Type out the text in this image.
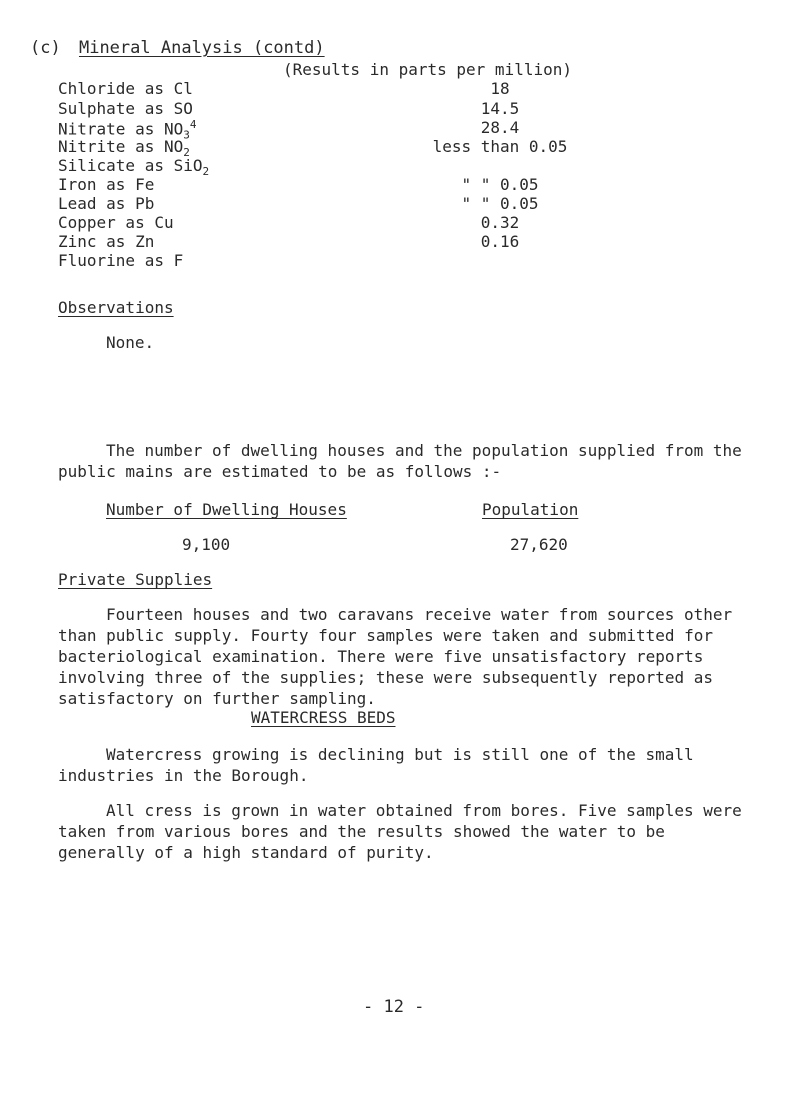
(c) Mineral Analysis (contd)
(Results in parts per million)
Chloride as Cl	18
Sulphate as SO	14.5
Nitrate as $NO_3^4$	28.4
Nitrite as $NO_2$	less than 0.05
Silicate as SiO$_2$
Iron as Fe	" " 0.05
Lead as Pb	" " 0.05
Copper as Cu	0.32
Zinc as Zn	0.16
Fluorine as F
Observations
None.
The number of dwelling houses and the population supplied from the public mains are estimated to be as follows :-
Number of Dwelling Houses	Population
9,100	27,620
Private Supplies
Fourteen houses and two caravans receive water from sources other than public supply. Fourty four samples were taken and submitted for bacteriological examination. There were five unsatisfactory reports involving three of the supplies; these were subsequently reported as satisfactory on further sampling.
WATERCRESS BEDS
Watercress growing is declining but is still one of the small industries in the Borough.
All cress is grown in water obtained from bores. Five samples were taken from various bores and the results showed the water to be generally of a high standard of purity.
- 12 -
